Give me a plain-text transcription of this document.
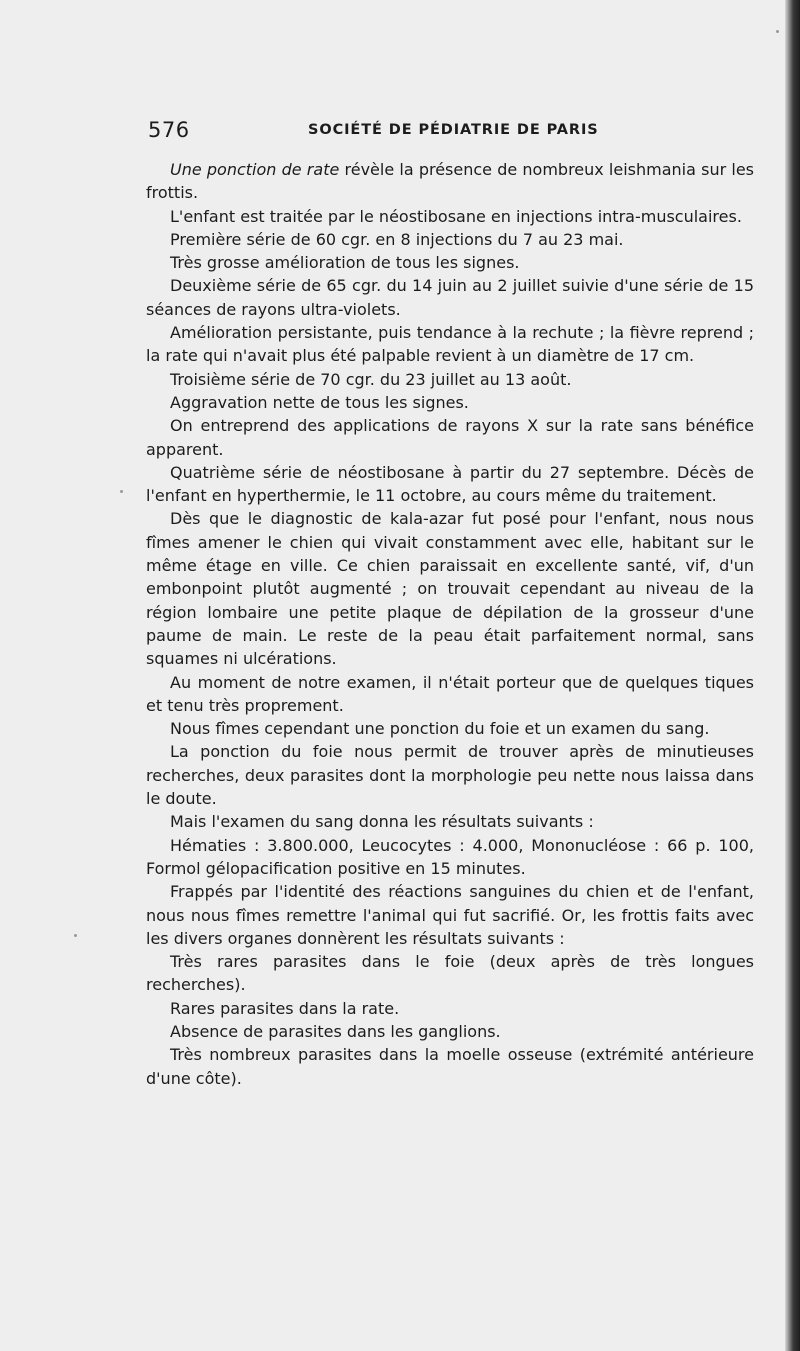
576	SOCIÉTÉ DE PÉDIATRIE DE PARIS

Une ponction de rate révèle la présence de nombreux leishmania sur les frottis.

L'enfant est traitée par le néostibosane en injections intra-musculaires.

Première série de 60 cgr. en 8 injections du 7 au 23 mai.

Très grosse amélioration de tous les signes.

Deuxième série de 65 cgr. du 14 juin au 2 juillet suivie d'une série de 15 séances de rayons ultra-violets.

Amélioration persistante, puis tendance à la rechute ; la fièvre reprend ; la rate qui n'avait plus été palpable revient à un diamètre de 17 cm.

Troisième série de 70 cgr. du 23 juillet au 13 août.

Aggravation nette de tous les signes.

On entreprend des applications de rayons X sur la rate sans bénéfice apparent.

Quatrième série de néostibosane à partir du 27 septembre. Décès de l'enfant en hyperthermie, le 11 octobre, au cours même du traitement.

Dès que le diagnostic de kala-azar fut posé pour l'enfant, nous nous fîmes amener le chien qui vivait constamment avec elle, habitant sur le même étage en ville. Ce chien paraissait en excellente santé, vif, d'un embonpoint plutôt augmenté ; on trouvait cependant au niveau de la région lombaire une petite plaque de dépilation de la grosseur d'une paume de main. Le reste de la peau était parfaitement normal, sans squames ni ulcérations.

Au moment de notre examen, il n'était porteur que de quelques tiques et tenu très proprement.

Nous fîmes cependant une ponction du foie et un examen du sang.

La ponction du foie nous permit de trouver après de minutieuses recherches, deux parasites dont la morphologie peu nette nous laissa dans le doute.

Mais l'examen du sang donna les résultats suivants :

Hématies : 3.800.000, Leucocytes : 4.000, Mononucléose : 66 p. 100, Formol gélopacification positive en 15 minutes.

Frappés par l'identité des réactions sanguines du chien et de l'enfant, nous nous fîmes remettre l'animal qui fut sacrifié. Or, les frottis faits avec les divers organes donnèrent les résultats suivants :

Très rares parasites dans le foie (deux après de très longues recherches).

Rares parasites dans la rate.

Absence de parasites dans les ganglions.

Très nombreux parasites dans la moelle osseuse (extrémité antérieure d'une côte).
